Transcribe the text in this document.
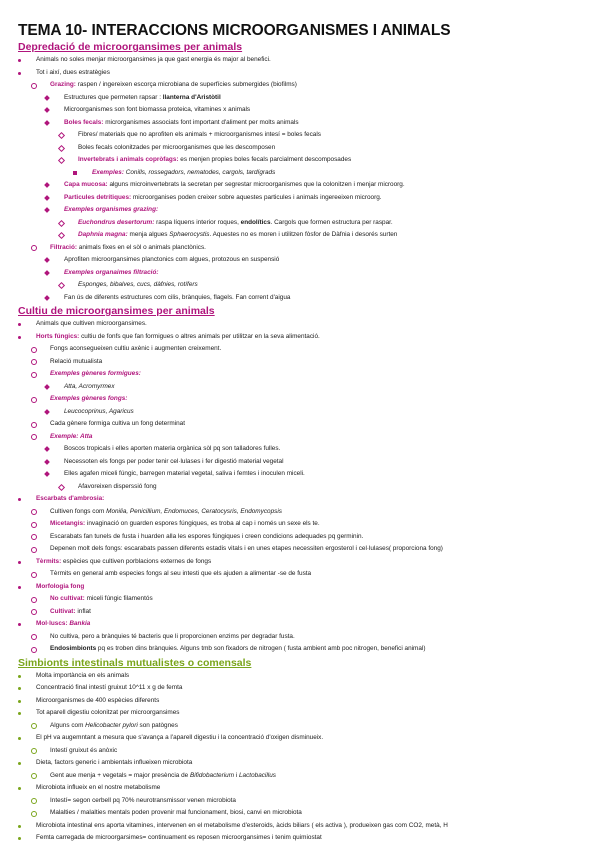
TEMA 10- INTERACCIONS MICROORGANISMES I ANIMALS
Depredació de microorgansimes per animals
Animals no soles menjar microorgansimes ja que gast energia és major al benefici.
Tot i així, dues estratègies
Grazing: raspen / ingereixen escorça microbiana de superfícies submergides (biofilms)
Estructures que permeten rapsar : llanterna d'Aristòtil
Microorganismes son font biomassa proteica, vitamines x animals
Boles fecals: microrganismes associats font important d'aliment per molts animals
Fibres/ materials que no aprofiten els animals + microorganismes intesí = boles fecals
Boles fecals colonitzades per microorganismes que les descomposen
Invertebrats i animals copròfags: es menjen propies boles fecals parcialment descomposades
Exemples: Conills, rossegadors, nematodes, cargols, tardígrads
Capa mucosa: alguns microinvertebrats la secretan per segrestar microorganismes que la colonitzen i menjar microorg.
Particules detrítiques: microorganises poden creixer sobre aquestes particules i animals ingereeixen microorg.
Exemples organismes grazing:
Euchondrus desertorum: raspa líquens interior roques, endolítics. Cargols que formen estructura per raspar.
Daphnia magna: menja algues Sphaerocystis. Aquestes no es moren i utilitzen fòsfor de Dàfnia i desorés surten
Filtració: animals fixes en el sòl o animals planctònics.
Aprofiten microorgansimes planctonics com algues, protozous en suspensió
Exemples organaimes filtració:
Esponges, bibalves, cucs, dàfnies, rotífers
Fan ús de diferents estructures com cilis, brànquies, flagels. Fan corrent d'aigua
Cultiu de microorgansimes per animals
Animals que cultiven microorgansimes.
Horts fúngics: cultiu de fonfs que fan formigues o altres animals per utilitzar en la seva alimentació.
Fongs aconsegueixen cultiu axènic i augmenten creixement.
Relació mutualista
Exemples gèneres formigues:
Atta, Acromyrmex
Exemples gèneres fongs:
Leucocoprinus, Agaricus
Cada gènere formiga cultiva un fong determinat
Exemple: Atta
Boscos tropicals i elles aporten materia orgànica sòl pq son talladores fulles.
Necessoten els fongs per poder tenir cel·lulases i fer digestió material vegetal
Elles agafen miceli fúngic, barregen material vegetal, saliva i femtes i inoculen miceli.
Afavoreixen disperssió fong
Escarbats d'ambrosia:
Cultiven fongs com Monilia, Penicillium, Endomuces, Ceratocysris, Endomycopsis
Micetangis: invaginació on guarden espores fúngiques, es troba al cap i només un sexe els te.
Escarabats fan tunels de fusta i huarden alla les espores fúngiques i creen condicions adequades pq germinin.
Depenen molt dels fongs: escarabats passen diferents estadis vitals i en unes etapes necessiten ergosterol i cel·lulases( proporciona fong)
Tèrmits: espècies que cultiven porblacions externes de fongs
Tèrmits en general amb especies fongs al seu intesti que els ajuden a alimentar -se de fusta
Morfologia fong
No cultivat: miceli fúngic filamentós
Cultivat: inflat
Mol·luscs: Bankia
No cultiva, pero a brànquies té bacteris que li proporcionen enzims per degradar fusta.
Endosimbionts pq es troben dins brànquies. Alguns tmb son fixadors de nitrogen ( fusta ambient amb poc nitrogen, benefici animal)
Simbionts intestinals mutualistes o comensals
Molta importància en els animals
Concentració final intestí gruixut 10^11 x g de femta
Microorganismes de 400 espècies diferents
Tot aparell digestiu colonitzat per microorgansimes
Alguns com Helicobacter pylori son patògnes
El pH va augemntant a mesura que s'avança a l'aparell digestiu i la concentració d'oxigen disminueix.
Intestí gruixut és anòxic
Dieta, factors generic i ambientals influeixen microbiota
Gent aue menja + vegetals = major presència de Bifidobacterium i Lactobacillus
Microbiota influeix en el nostre metabolisme
Intestí= segon cerbell pq 70% neurotransmissor venen microbiota
Malalties / malalties mentals poden provenir mal funcionament, biosi, canvi en microbiota
Microbiota intestinal ens aporta vitamines, intervenen en el metabolisme d'esteroids, àcids biliars ( els activa ), produeixen gas com CO2, metà, H
Femta carregada de microorgarsimes= continuament es reposen microorgansimes i tenim quimiostat
